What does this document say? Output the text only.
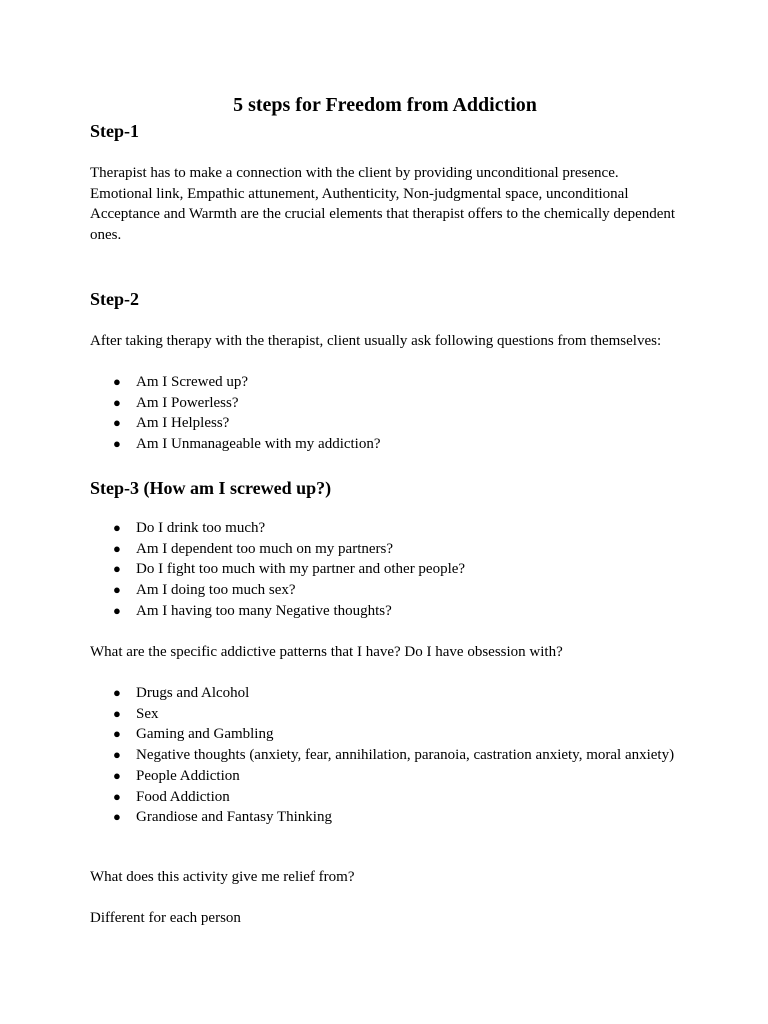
5 steps for Freedom from Addiction
Step-1

Therapist has to make a connection with the client by providing unconditional presence. Emotional link, Empathic attunement, Authenticity, Non-judgmental space, unconditional Acceptance and Warmth are the crucial elements that therapist offers to the chemically dependent ones.

Step-2

After taking therapy with the therapist, client usually ask following questions from themselves:

● Am I Screwed up?
● Am I Powerless?
● Am I Helpless?
● Am I Unmanageable with my addiction?
Step-3 (How am I screwed up?)
● Do I drink too much?
● Am I dependent too much on my partners?
● Do I fight too much with my partner and other people?
● Am I doing too much sex?
● Am I having too many Negative thoughts?

What are the specific addictive patterns that I have? Do I have obsession with?

● Drugs and Alcohol
● Sex
● Gaming and Gambling
● Negative thoughts (anxiety, fear, annihilation, paranoia, castration anxiety, moral anxiety)
● People Addiction
● Food Addiction
● Grandiose and Fantasy Thinking

What does this activity give me relief from?

Different for each person
